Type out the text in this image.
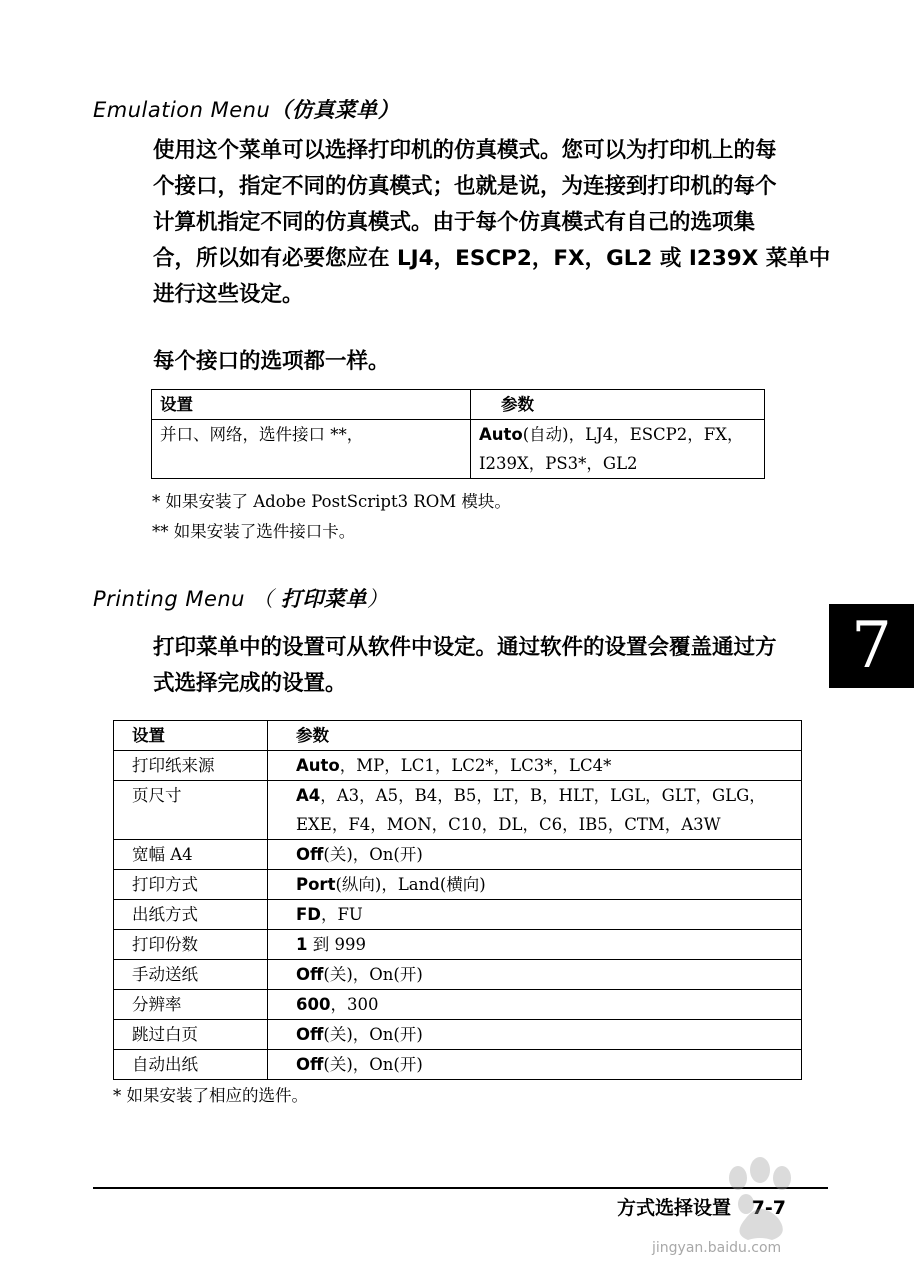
Emulation Menu（仿真菜单）

使用这个菜单可以选择打印机的仿真模式。您可以为打印机上的每

个接口，指定不同的仿真模式；也就是说，为连接到打印机的每个

计算机指定不同的仿真模式。由于每个仿真模式有自己的选项集

合，所以如有必要您应在 LJ4，ESCP2，FX，GL2 或 I239X 菜单中

进行这些设定。

每个接口的选项都一样。
设置	参数
并口、网络，选件接口 **，	Auto(自动)，LJ4，ESCP2，FX，
I239X，PS3*，GL2
* 如果安装了 Adobe PostScript3 ROM 模块。
** 如果安装了选件接口卡。
Printing Menu （ 打印菜单）

打印菜单中的设置可从软件中设定。通过软件的设置会覆盖通过方

式选择完成的设置。

设置	参数
打印纸来源	Auto，MP，LC1，LC2*，LC3*，LC4*

页尺寸	A4，A3，A5，B4，B5，LT，B，HLT，LGL，GLT，GLG，
EXE，F4，MON，C10，DL，C6，IB5，CTM，A3W

宽幅 A4	Off(关)，On(开)

打印方式	Port(纵向)，Land(横向)

出纸方式	FD，FU

打印份数	1 到 999

手动送纸	Off(关)，On(开)

分辨率	600，300

跳过白页	Off(关)，On(开)

自动出纸	Off(关)，On(开)
* 如果安装了相应的选件。
7
方式选择设置 7-7
jingyan.baidu.com
